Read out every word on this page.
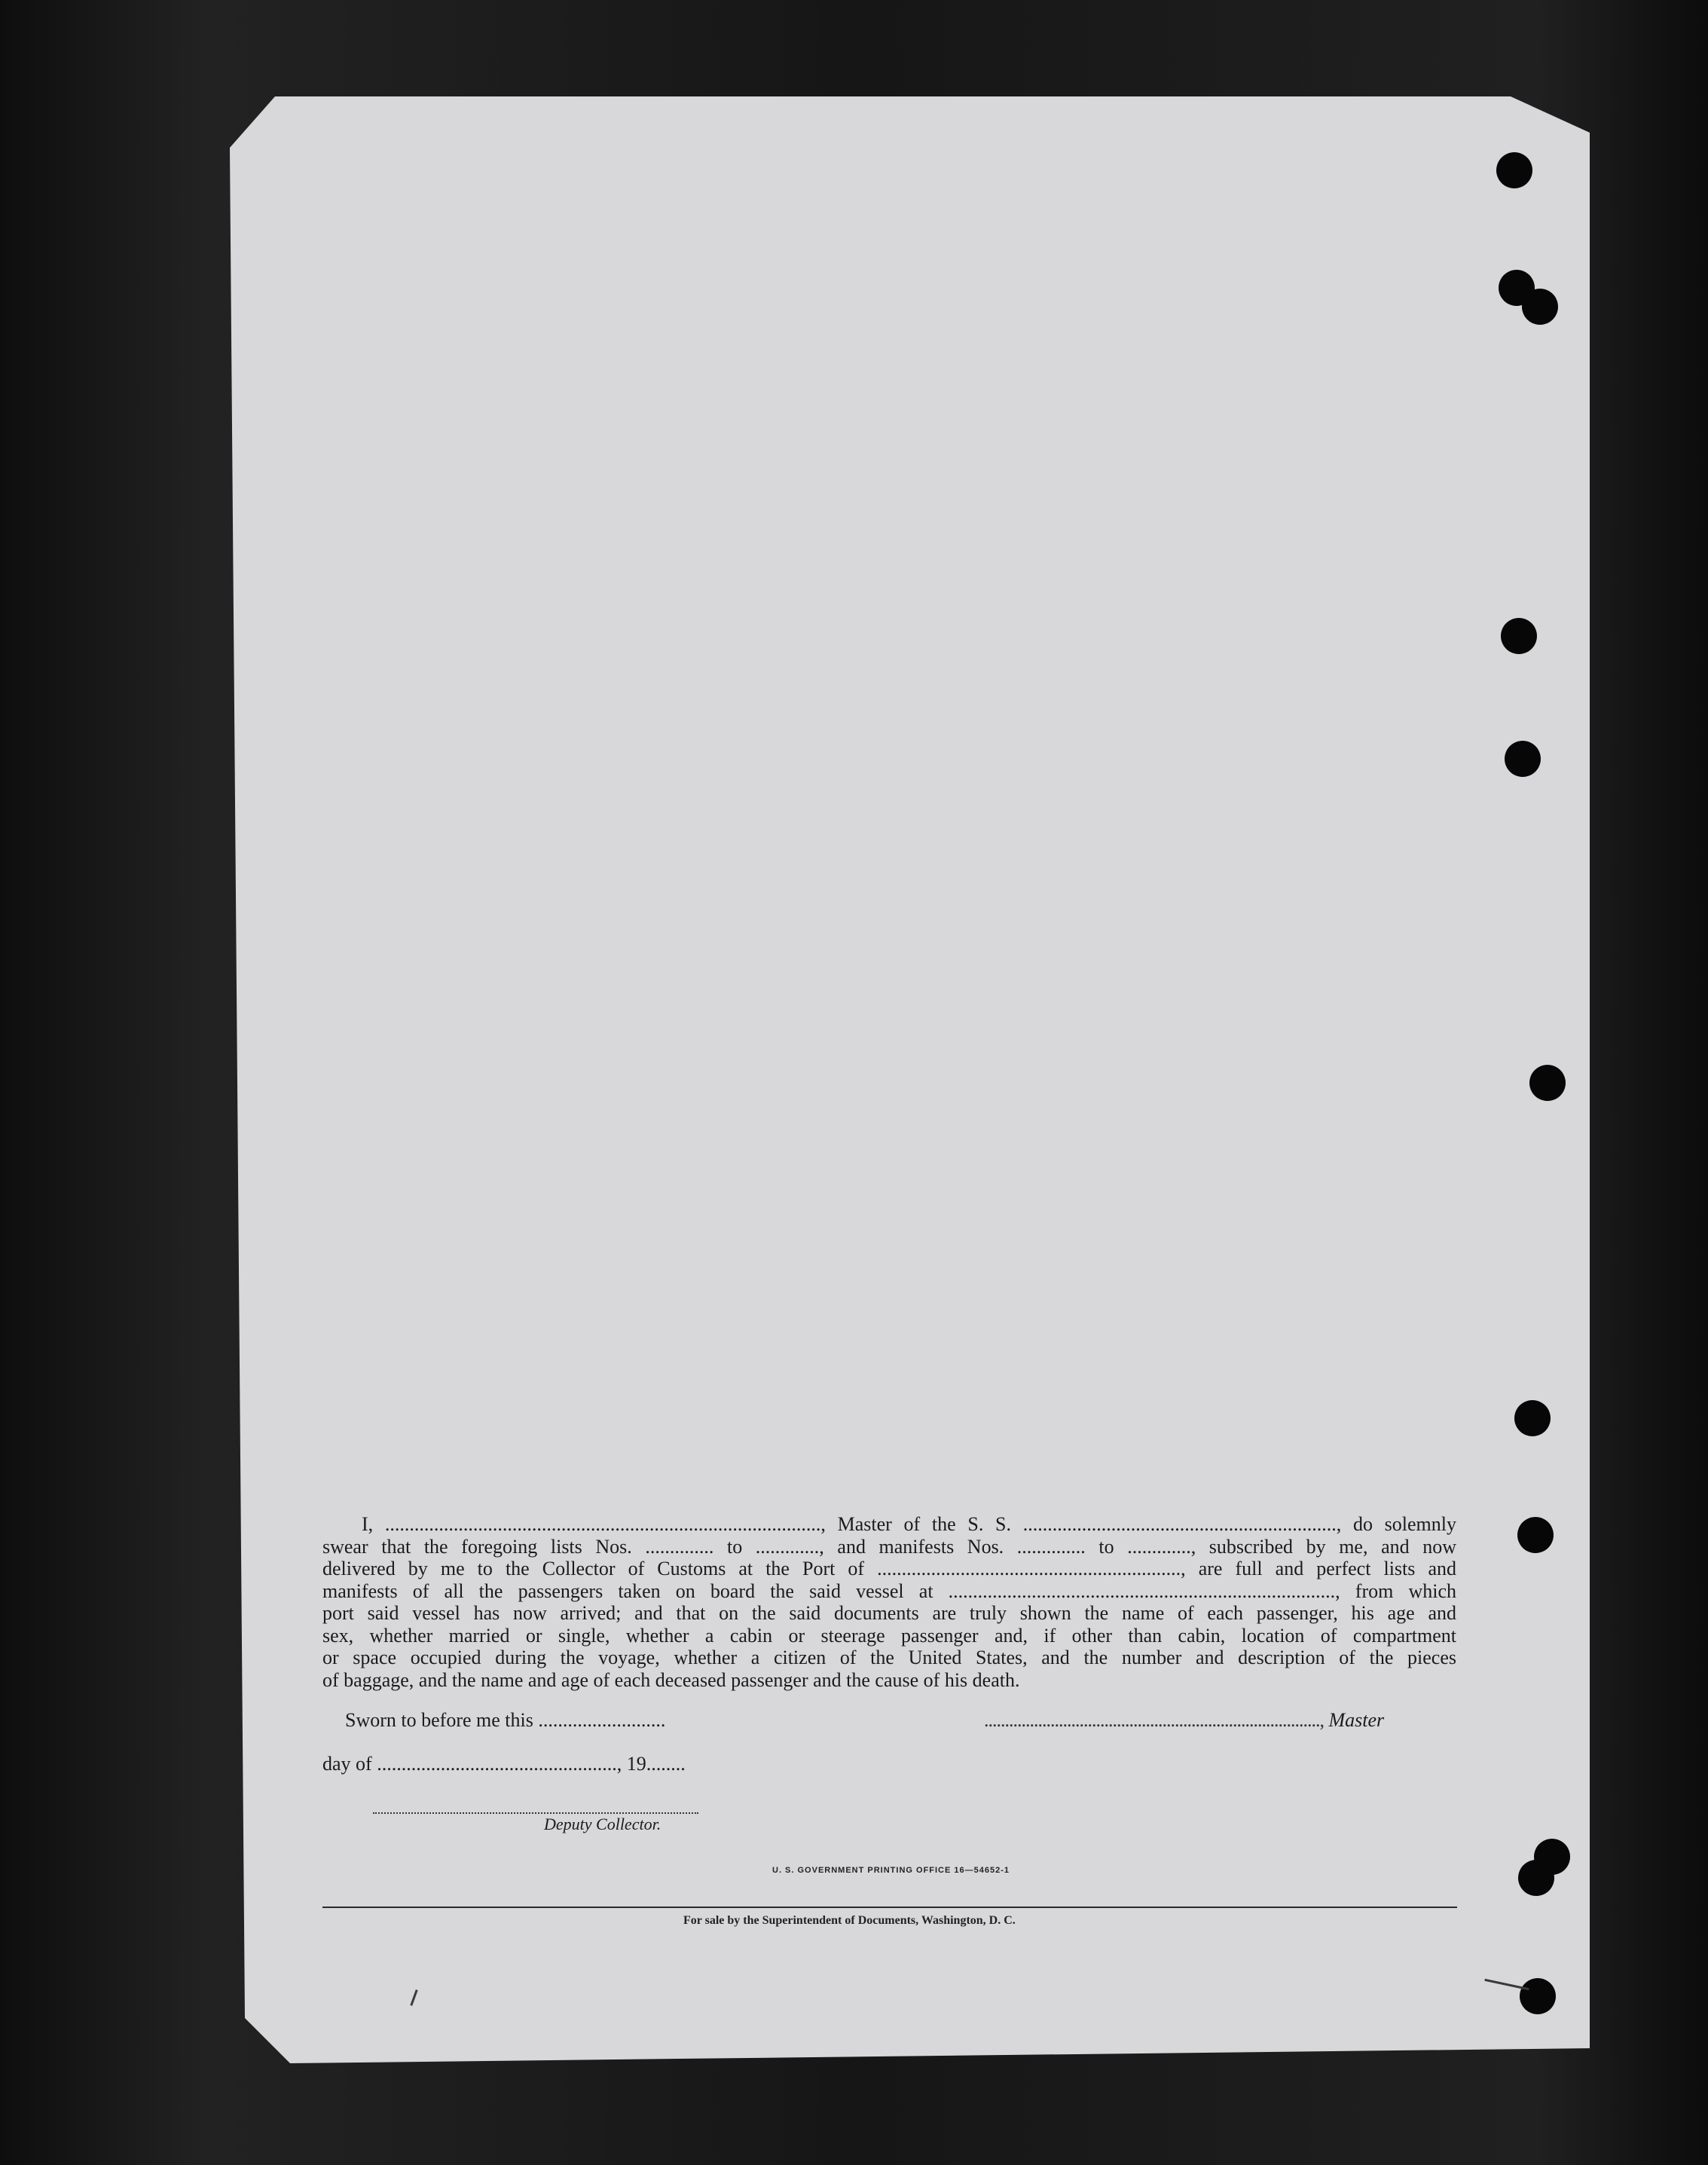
I, ........................................................................................., Master of the S. S. ................................................................, do solemnly
swear that the foregoing lists Nos. .............. to ............., and manifests Nos. .............. to ............., subscribed by me, and now
delivered by me to the Collector of Customs at the Port of .............................................................., are full and perfect lists and
manifests of all the passengers taken on board the said vessel at ..............................................................................., from which
port said vessel has now arrived; and that on the said documents are truly shown the name of each passenger, his age and
sex, whether married or single, whether a cabin or steerage passenger and, if other than cabin, location of compartment
or space occupied during the voyage, whether a citizen of the United States, and the number and description of the pieces
of baggage, and the name and age of each deceased passenger and the cause of his death.
Sworn to before me this ..........................	................................................................................., Master
day of ................................................., 19........
Deputy Collector.
U. S. GOVERNMENT PRINTING OFFICE 16—54652-1
For sale by the Superintendent of Documents, Washington, D. C.
